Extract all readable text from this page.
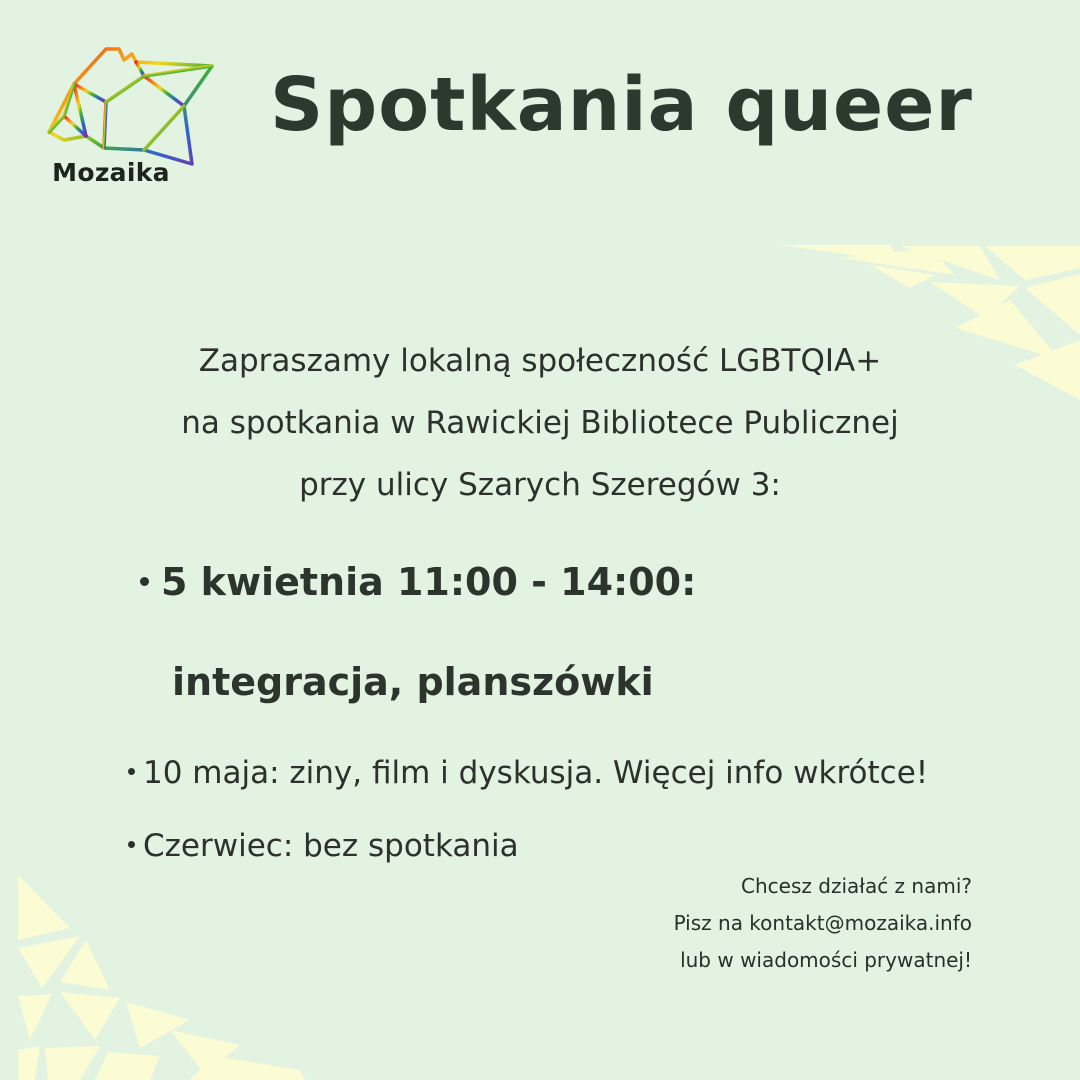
Mozaika
Spotkania queer
Zapraszamy lokalną społeczność LGBTQIA+
na spotkania w Rawickiej Bibliotece Publicznej
przy ulicy Szarych Szeregów 3:
5 kwietnia 11:00 - 14:00:
integracja, planszówki
10 maja: ziny, film i dyskusja. Więcej info wkrótce!
Czerwiec: bez spotkania
Chcesz działać z nami?
Pisz na kontakt@mozaika.info
lub w wiadomości prywatnej!
